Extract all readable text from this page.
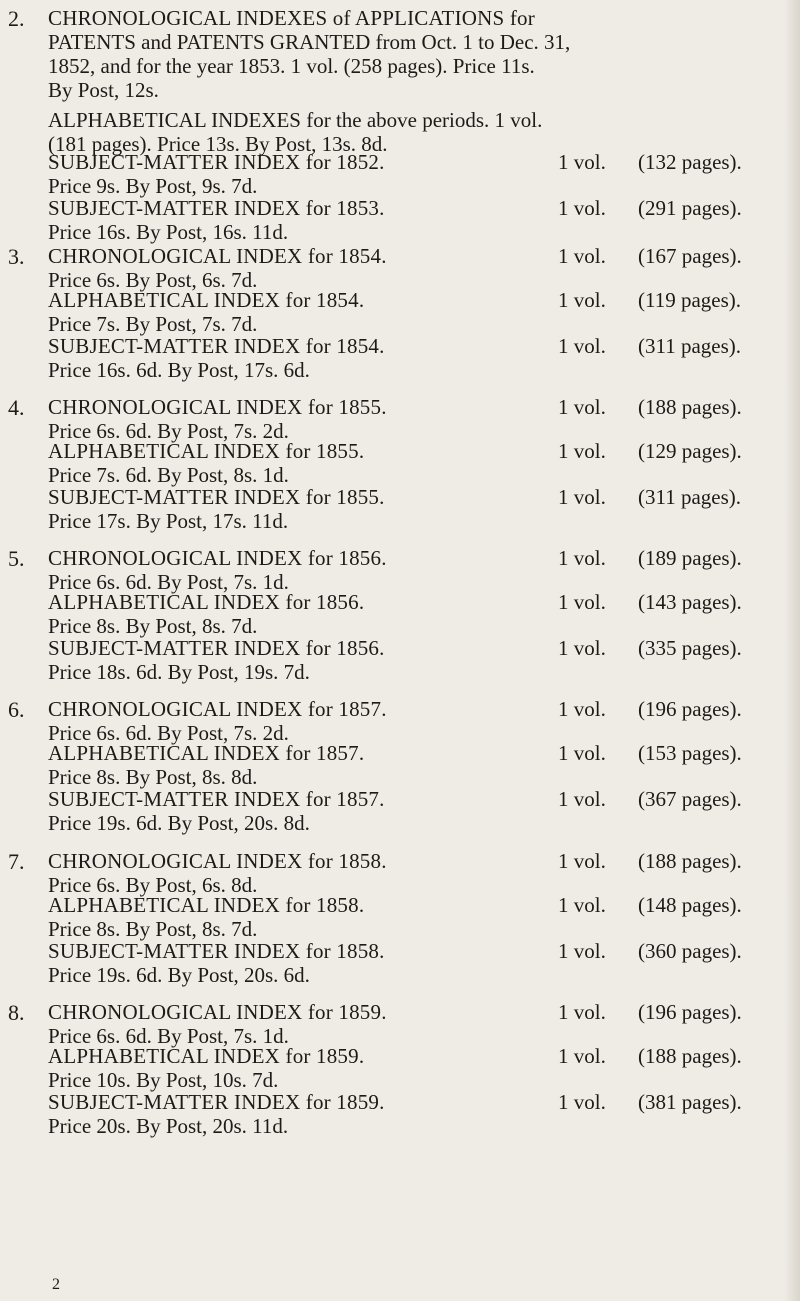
2. CHRONOLOGICAL INDEXES of APPLICATIONS for
PATENTS and PATENTS GRANTED from Oct. 1 to Dec. 31,
1852, and for the year 1853. 1 vol. (258 pages). Price 11s.
By Post, 12s.
ALPHABETICAL INDEXES for the above periods. 1 vol.
(181 pages). Price 13s. By Post, 13s. 8d.
SUBJECT-MATTER INDEX for 1852.	1 vol. (132 pages).
Price 9s. By Post, 9s. 7d.
SUBJECT-MATTER INDEX for 1853.	1 vol. (291 pages).
Price 16s. By Post, 16s. 11d.
3. CHRONOLOGICAL INDEX for 1854.	1 vol. (167 pages).
Price 6s. By Post, 6s. 7d.
ALPHABETICAL INDEX for 1854.	1 vol. (119 pages).
Price 7s. By Post, 7s. 7d.
SUBJECT-MATTER INDEX for 1854.	1 vol. (311 pages).
Price 16s. 6d. By Post, 17s. 6d.
4. CHRONOLOGICAL INDEX for 1855.	1 vol. (188 pages).
Price 6s. 6d. By Post, 7s. 2d.
ALPHABETICAL INDEX for 1855.	1 vol. (129 pages).
Price 7s. 6d. By Post, 8s. 1d.
SUBJECT-MATTER INDEX for 1855.	1 vol. (311 pages).
Price 17s. By Post, 17s. 11d.
5. CHRONOLOGICAL INDEX for 1856.	1 vol. (189 pages).
Price 6s. 6d. By Post, 7s. 1d.
ALPHABETICAL INDEX for 1856.	1 vol. (143 pages).
Price 8s. By Post, 8s. 7d.
SUBJECT-MATTER INDEX for 1856.	1 vol. (335 pages).
Price 18s. 6d. By Post, 19s. 7d.
6. CHRONOLOGICAL INDEX for 1857.	1 vol. (196 pages).
Price 6s. 6d. By Post, 7s. 2d.
ALPHABETICAL INDEX for 1857.	1 vol. (153 pages).
Price 8s. By Post, 8s. 8d.
SUBJECT-MATTER INDEX for 1857.	1 vol. (367 pages).
Price 19s. 6d. By Post, 20s. 8d.
7. CHRONOLOGICAL INDEX for 1858.	1 vol. (188 pages).
Price 6s. By Post, 6s. 8d.
ALPHABETICAL INDEX for 1858.	1 vol. (148 pages).
Price 8s. By Post, 8s. 7d.
SUBJECT-MATTER INDEX for 1858.	1 vol. (360 pages).
Price 19s. 6d. By Post, 20s. 6d.
8. CHRONOLOGICAL INDEX for 1859.	1 vol. (196 pages).
Price 6s. 6d. By Post, 7s. 1d.
ALPHABETICAL INDEX for 1859.	1 vol. (188 pages).
Price 10s. By Post, 10s. 7d.
SUBJECT-MATTER INDEX for 1859.	1 vol. (381 pages).
Price 20s. By Post, 20s. 11d.
2
